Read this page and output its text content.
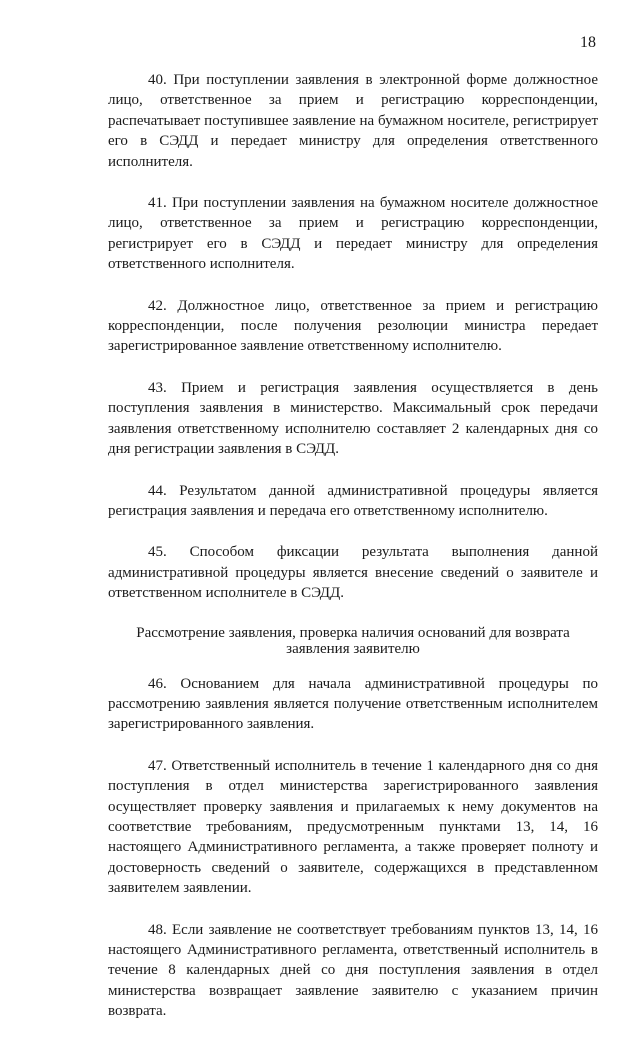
18

40. При поступлении заявления в электронной форме должностное лицо, ответственное за прием и регистрацию корреспонденции, распечатывает поступившее заявление на бумажном носителе, регистрирует его в СЭДД и передает министру для определения ответственного исполнителя.

41. При поступлении заявления на бумажном носителе должностное лицо, ответственное за прием и регистрацию корреспонденции, регистрирует его в СЭДД и передает министру для определения ответственного исполнителя.

42. Должностное лицо, ответственное за прием и регистрацию корреспонденции, после получения резолюции министра передает зарегистрированное заявление ответственному исполнителю.

43. Прием и регистрация заявления осуществляется в день поступления заявления в министерство. Максимальный срок передачи заявления ответственному исполнителю составляет 2 календарных дня со дня регистрации заявления в СЭДД.

44. Результатом данной административной процедуры является регистрация заявления и передача его ответственному исполнителю.

45. Способом фиксации результата выполнения данной административной процедуры является внесение сведений о заявителе и ответственном исполнителе в СЭДД.

Рассмотрение заявления, проверка наличия оснований для возврата
заявления заявителю

46. Основанием для начала административной процедуры по рассмотрению заявления является получение ответственным исполнителем зарегистрированного заявления.

47. Ответственный исполнитель в течение 1 календарного дня со дня поступления в отдел министерства зарегистрированного заявления осуществляет проверку заявления и прилагаемых к нему документов на соответствие требованиям, предусмотренным пунктами 13, 14, 16 настоящего Административного регламента, а также проверяет полноту и достоверность сведений о заявителе, содержащихся в представленном заявителем заявлении.

48. Если заявление не соответствует требованиям пунктов 13, 14, 16 настоящего Административного регламента, ответственный исполнитель в течение 8 календарных дней со дня поступления заявления в отдел министерства возвращает заявление заявителю с указанием причин возврата.
